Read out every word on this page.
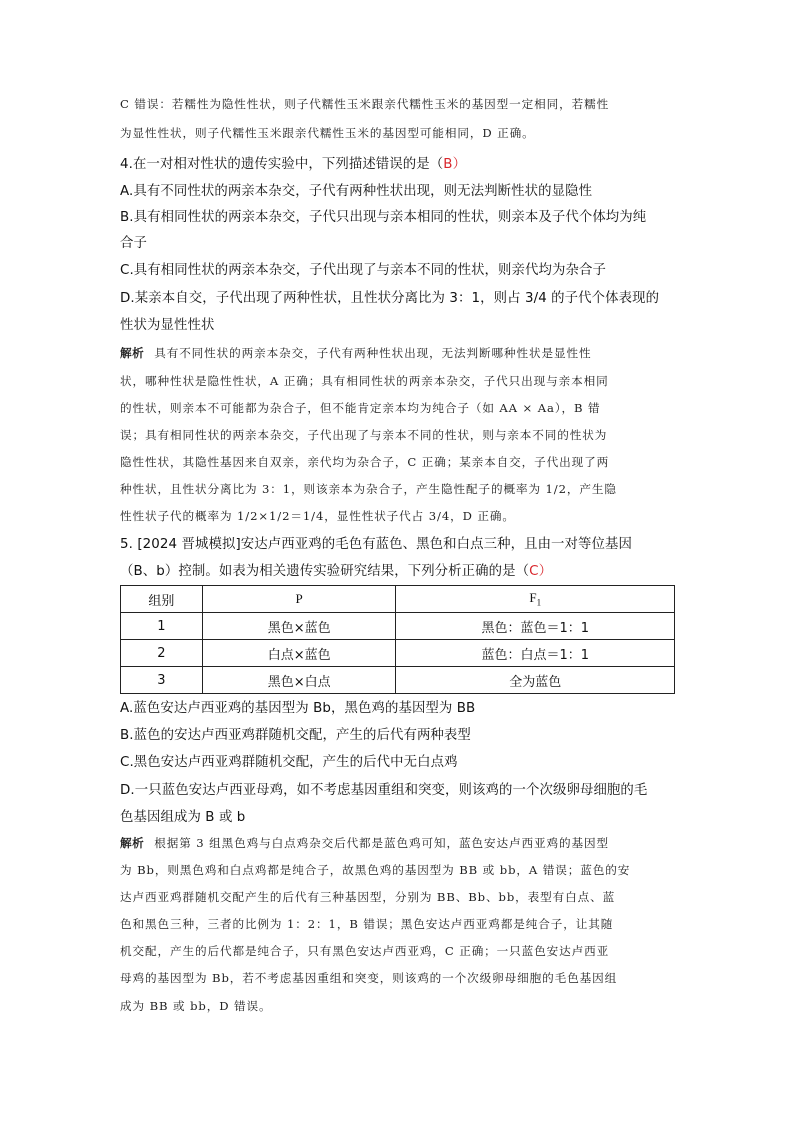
C 错误：若糯性为隐性性状，则子代糯性玉米跟亲代糯性玉米的基因型一定相同，若糯性
为显性性状，则子代糯性玉米跟亲代糯性玉米的基因型可能相同，D 正确。
4.在一对相对性状的遗传实验中，下列描述错误的是（B）
A.具有不同性状的两亲本杂交，子代有两种性状出现，则无法判断性状的显隐性
B.具有相同性状的两亲本杂交，子代只出现与亲本相同的性状，则亲本及子代个体均为纯
合子
C.具有相同性状的两亲本杂交，子代出现了与亲本不同的性状，则亲代均为杂合子
D.某亲本自交，子代出现了两种性状，且性状分离比为 3：1，则占 3/4 的子代个体表现的
性状为显性性状
解析 具有不同性状的两亲本杂交，子代有两种性状出现，无法判断哪种性状是显性性
状，哪种性状是隐性性状，A 正确；具有相同性状的两亲本杂交，子代只出现与亲本相同
的性状，则亲本不可能都为杂合子，但不能肯定亲本均为纯合子（如 AA × Aa），B 错
误；具有相同性状的两亲本杂交，子代出现了与亲本不同的性状，则与亲本不同的性状为
隐性性状，其隐性基因来自双亲，亲代均为杂合子，C 正确；某亲本自交，子代出现了两
种性状，且性状分离比为 3：1，则该亲本为杂合子，产生隐性配子的概率为 1/2，产生隐
性性状子代的概率为 1/2×1/2＝1/4，显性性状子代占 3/4，D 正确。
5. [2024 晋城模拟]安达卢西亚鸡的毛色有蓝色、黑色和白点三种，且由一对等位基因
（B、b）控制。如表为相关遗传实验研究结果，下列分析正确的是（C）
组别	P	$F_1$
1	黑色×蓝色	黑色：蓝色＝1：1
2	白点×蓝色	蓝色：白点＝1：1
3	黑色×白点	全为蓝色
A.蓝色安达卢西亚鸡的基因型为 Bb，黑色鸡的基因型为 BB
B.蓝色的安达卢西亚鸡群随机交配，产生的后代有两种表型
C.黑色安达卢西亚鸡群随机交配，产生的后代中无白点鸡
D.一只蓝色安达卢西亚母鸡，如不考虑基因重组和突变，则该鸡的一个次级卵母细胞的毛
色基因组成为 B 或 b
解析 根据第 3 组黑色鸡与白点鸡杂交后代都是蓝色鸡可知，蓝色安达卢西亚鸡的基因型
为 Bb，则黑色鸡和白点鸡都是纯合子，故黑色鸡的基因型为 BB 或 bb，A 错误；蓝色的安
达卢西亚鸡群随机交配产生的后代有三种基因型，分别为 BB、Bb、bb，表型有白点、蓝
色和黑色三种，三者的比例为 1：2：1，B 错误；黑色安达卢西亚鸡都是纯合子，让其随
机交配，产生的后代都是纯合子，只有黑色安达卢西亚鸡，C 正确；一只蓝色安达卢西亚
母鸡的基因型为 Bb，若不考虑基因重组和突变，则该鸡的一个次级卵母细胞的毛色基因组
成为 BB 或 bb，D 错误。
